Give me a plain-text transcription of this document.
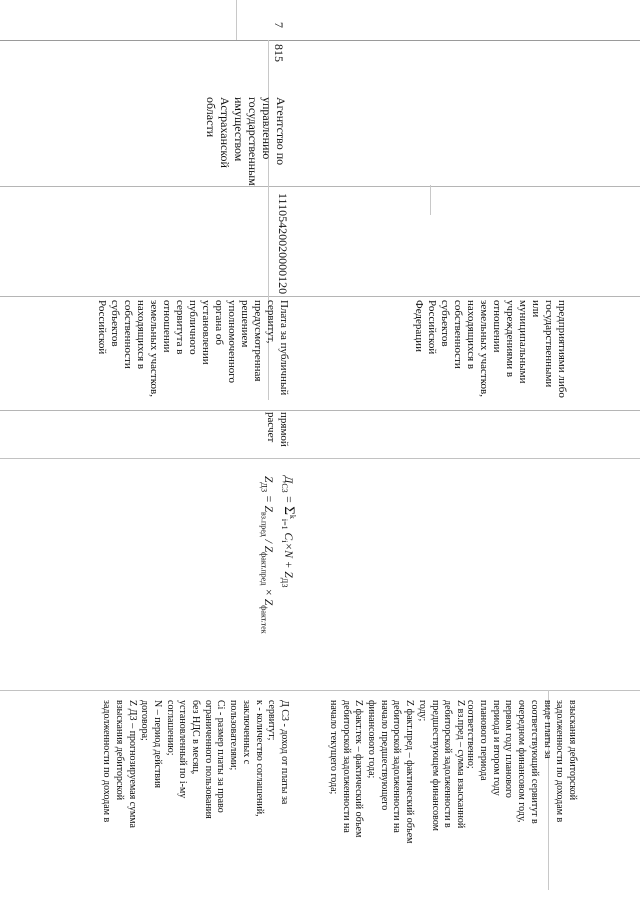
7
815
Агентство по
управлению
государственным
имуществом
Астраханской
области
11105420020000120
предприятиями либо
государственными
или
муниципальными
учреждениями в
отношении
земельных участков,
находящихся в
собственности
субъектов
Российской
Федерации
Плата за публичный
сервитут,
предусмотренная
решением
уполномоченного
органа об
установлении
публичного
сервитута в
отношении
земельных участков,
находящихся в
собственности
субъектов
Российской
прямой
расчет
$Д_{СЗ} = \Sigma^k_{i=1}$ $C_i\times N + Z_{ДЗ}$
$Z_{ДЗ} = Z_{вз.пред} / Z_{факт.пред} \times Z_{факт.тек}$
взыскания дебиторской
задолженности по доходам в
виде платы за
соответствующий сервитут в
очередном финансовом году,
первом году планового
периода и втором году
планового периода
соответственно;
Z вз.пред – сумма взысканной
дебиторской задолженности в
предшествующем финансовом
году;
Z факт.пред – фактический объем
дебиторской задолженности на
начало предшествующего
финансового года;
Z факт.тек – фактический объем
дебиторской задолженности на
начало текущего года;
Д СЗ - доход от платы за
сервитут;
к - количество соглашений,
заключенных с
пользователями;
Ci - размер платы за право
ограниченного пользования
без НДС в месяц,
установленный по i-му
соглашению;
N – период действия
договора;
Z ДЗ – прогнозируемая сумма
взыскания дебиторской
задолженности по доходам в
